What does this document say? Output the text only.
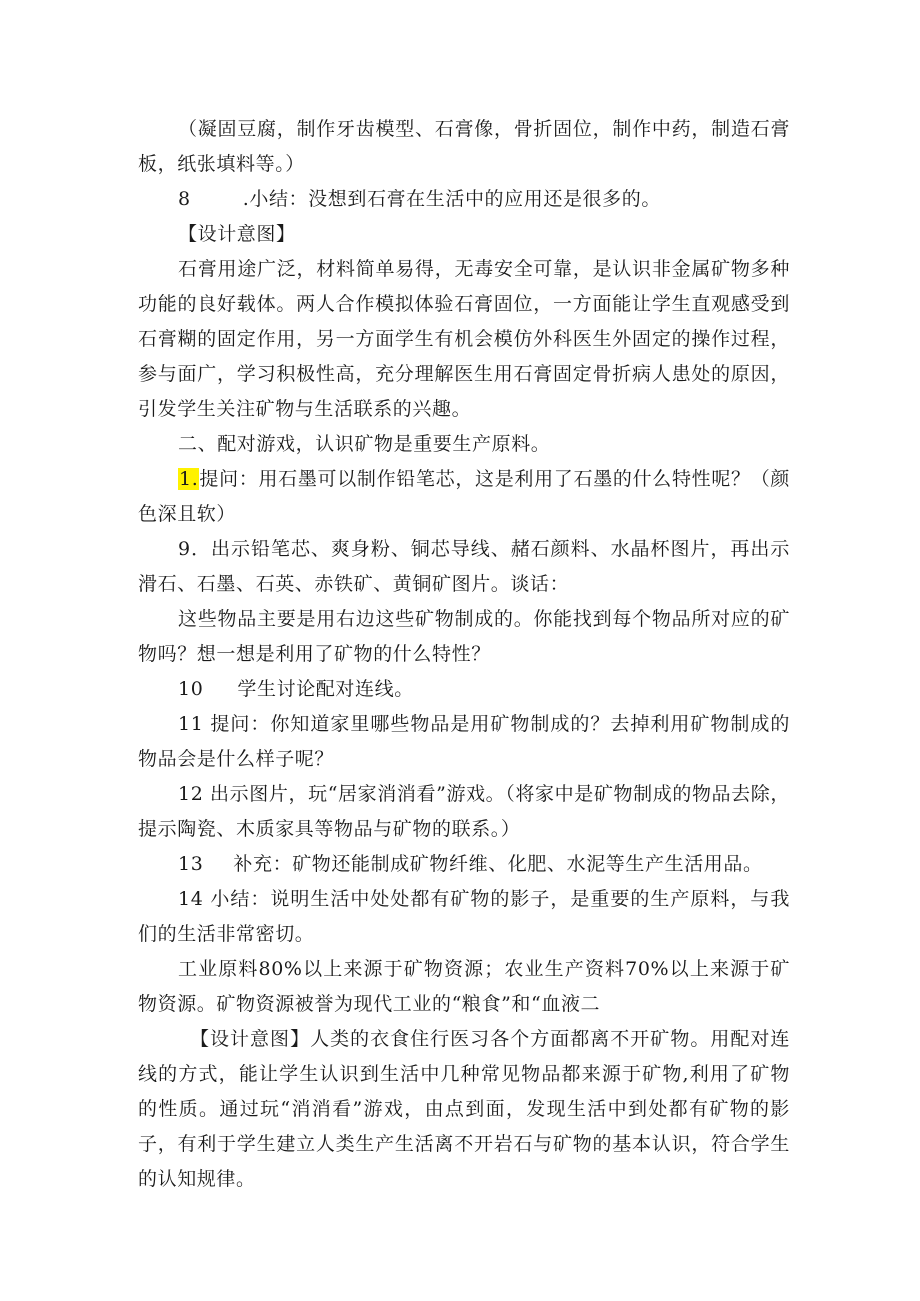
（凝固豆腐，制作牙齿模型、石膏像，骨折固位，制作中药，制造石膏板，纸张填料等。）

8	.小结：没想到石膏在生活中的应用还是很多的。

【设计意图】

石膏用途广泛，材料简单易得，无毒安全可靠，是认识非金属矿物多种功能的良好载体。两人合作模拟体验石膏固位，一方面能让学生直观感受到石膏糊的固定作用，另一方面学生有机会模仿外科医生外固定的操作过程，参与面广，学习积极性高，充分理解医生用石膏固定骨折病人患处的原因，引发学生关注矿物与生活联系的兴趣。

二、配对游戏，认识矿物是重要生产原料。

1.提问：用石墨可以制作铅笔芯，这是利用了石墨的什么特性呢？（颜色深且软）

9．出示铅笔芯、爽身粉、铜芯导线、赭石颜料、水晶杯图片，再出示滑石、石墨、石英、赤铁矿、黄铜矿图片。谈话：

这些物品主要是用右边这些矿物制成的。你能找到每个物品所对应的矿物吗？想一想是利用了矿物的什么特性？

10 学生讨论配对连线。

11 提问：你知道家里哪些物品是用矿物制成的？去掉利用矿物制成的物品会是什么样子呢？

12 出示图片，玩“居家消消看”游戏。（将家中是矿物制成的物品去除，提示陶瓷、木质家具等物品与矿物的联系。）

13 补充：矿物还能制成矿物纤维、化肥、水泥等生产生活用品。

14 小结：说明生活中处处都有矿物的影子，是重要的生产原料，与我们的生活非常密切。

工业原料80%以上来源于矿物资源；农业生产资料70%以上来源于矿物资源。矿物资源被誉为现代工业的“粮食”和“血液二

【设计意图】人类的衣食住行医习各个方面都离不开矿物。用配对连线的方式，能让学生认识到生活中几种常见物品都来源于矿物,利用了矿物的性质。通过玩“消消看”游戏，由点到面，发现生活中到处都有矿物的影子，有利于学生建立人类生产生活离不开岩石与矿物的基本认识，符合学生的认知规律。
